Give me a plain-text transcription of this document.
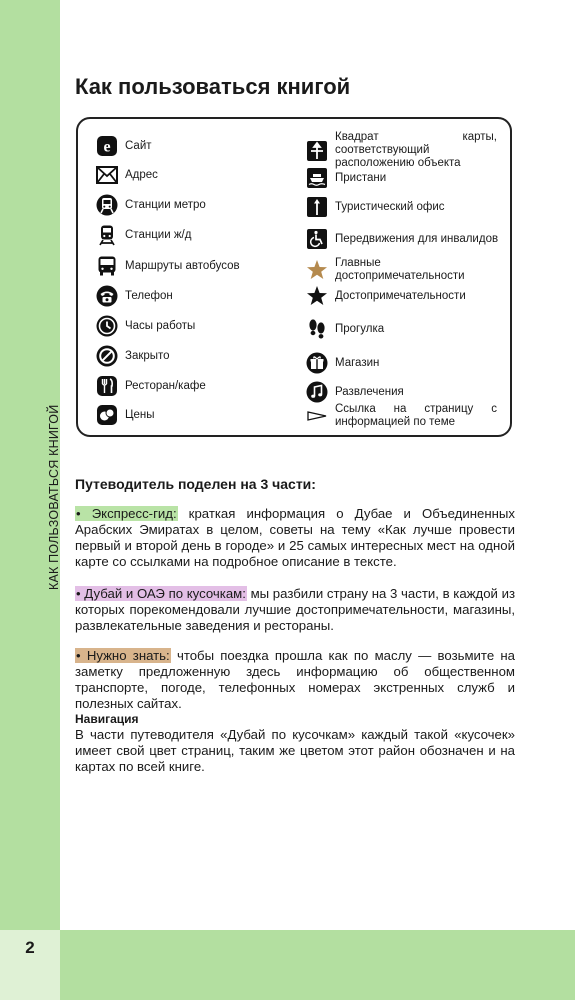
КАК ПОЛЬЗОВАТЬСЯ КНИГОЙ
2
Как пользоваться книгой
e Сайт
Адрес
Станции метро
Станции ж/д
Маршруты автобусов
Телефон
Часы работы
Закрыто
Ресторан/кафе
Цены
Квадрат карты, соответствующий расположению объекта
Пристани
Туристический офис
Передвижения для инвалидов
Главные достопримечательности
Достопримечательности
Прогулка
Магазин
Развлечения
Ссылка на страницу с информацией по теме
Путеводитель поделен на 3 части:

• Экспресс-гид: краткая информация о Дубае и Объединенных Арабских Эмиратах в целом, советы на тему «Как лучше провести первый и второй день в городе» и 25 самых интересных мест на одной карте со ссылками на подробное описание в тексте.

• Дубай и ОАЭ по кусочкам: мы разбили страну на 3 части, в каждой из которых порекомендовали лучшие достопримечательности, магазины, развлекательные заведения и рестораны.

• Нужно знать: чтобы поездка прошла как по маслу — возьмите на заметку предложенную здесь информацию об общественном транспорте, погоде, телефонных номерах экстренных служб и полезных сайтах.

Навигация

В части путеводителя «Дубай по кусочкам» каждый такой «кусочек» имеет свой цвет страниц, таким же цветом этот район обозначен и на картах по всей книге.
